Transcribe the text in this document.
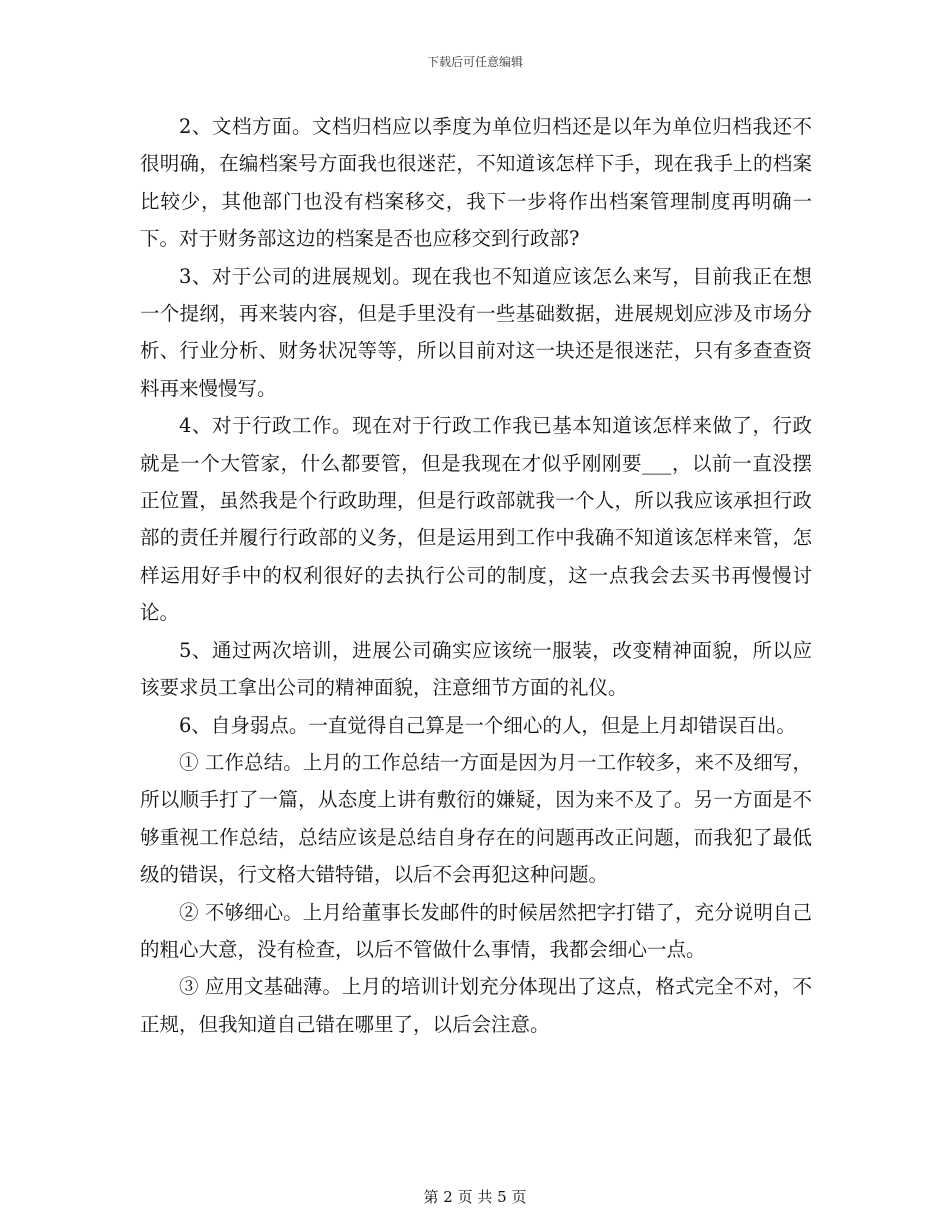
下载后可任意编辑

2、文档方面。文档归档应以季度为单位归档还是以年为单位归档我还不很明确，在编档案号方面我也很迷茫，不知道该怎样下手，现在我手上的档案比较少，其他部门也没有档案移交，我下一步将作出档案管理制度再明确一下。对于财务部这边的档案是否也应移交到行政部?

3、对于公司的进展规划。现在我也不知道应该怎么来写，目前我正在想一个提纲，再来装内容，但是手里没有一些基础数据，进展规划应涉及市场分析、行业分析、财务状况等等，所以目前对这一块还是很迷茫，只有多查查资料再来慢慢写。

4、对于行政工作。现在对于行政工作我已基本知道该怎样来做了，行政就是一个大管家，什么都要管，但是我现在才似乎刚刚要___，以前一直没摆正位置，虽然我是个行政助理，但是行政部就我一个人，所以我应该承担行政部的责任并履行行政部的义务，但是运用到工作中我确不知道该怎样来管，怎样运用好手中的权利很好的去执行公司的制度，这一点我会去买书再慢慢讨论。

5、通过两次培训，进展公司确实应该统一服装，改变精神面貌，所以应该要求员工拿出公司的精神面貌，注意细节方面的礼仪。

6、自身弱点。一直觉得自己算是一个细心的人，但是上月却错误百出。

① 工作总结。上月的工作总结一方面是因为月一工作较多，来不及细写，所以顺手打了一篇，从态度上讲有敷衍的嫌疑，因为来不及了。另一方面是不够重视工作总结，总结应该是总结自身存在的问题再改正问题，而我犯了最低级的错误，行文格大错特错，以后不会再犯这种问题。

② 不够细心。上月给董事长发邮件的时候居然把字打错了，充分说明自己的粗心大意，没有检查，以后不管做什么事情，我都会细心一点。

③ 应用文基础薄。上月的培训计划充分体现出了这点，格式完全不对，不正规，但我知道自己错在哪里了，以后会注意。

第 2 页 共 5 页
